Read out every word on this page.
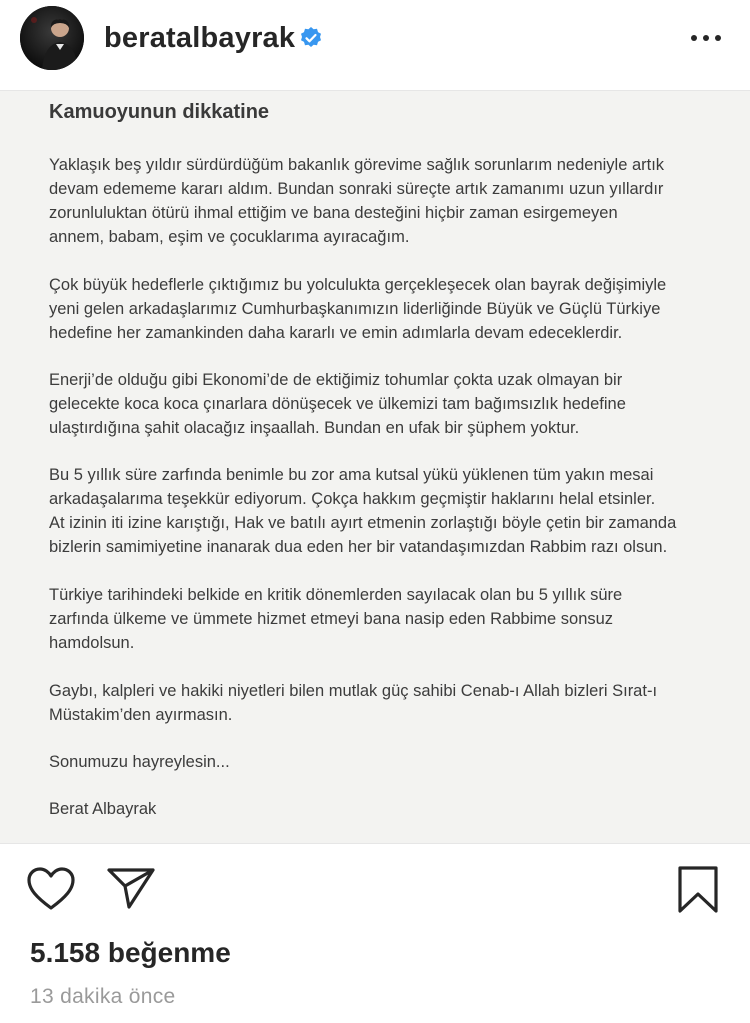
beratalbayrak
Kamuoyunun dikkatine

Yaklaşık beş yıldır sürdürdüğüm bakanlık görevime sağlık sorunlarım nedeniyle artık
devam edememe kararı aldım. Bundan sonraki süreçte artık zamanımı uzun yıllardır
zorunluluktan ötürü ihmal ettiğim ve bana desteğini hiçbir zaman esirgemeyen
annem, babam, eşim ve çocuklarıma ayıracağım.

Çok büyük hedeflerle çıktığımız bu yolculukta gerçekleşecek olan bayrak değişimiyle
yeni gelen arkadaşlarımız Cumhurbaşkanımızın liderliğinde Büyük ve Güçlü Türkiye
hedefine her zamankinden daha kararlı ve emin adımlarla devam edeceklerdir.

Enerji’de olduğu gibi Ekonomi’de de ektiğimiz tohumlar çokta uzak olmayan bir
gelecekte koca koca çınarlara dönüşecek ve ülkemizi tam bağımsızlık hedefine
ulaştırdığına şahit olacağız inşaallah. Bundan en ufak bir şüphem yoktur.

Bu 5 yıllık süre zarfında benimle bu zor ama kutsal yükü yüklenen tüm yakın mesai
arkadaşalarıma teşekkür ediyorum. Çokça hakkım geçmiştir haklarını helal etsinler.
At izinin iti izine karıştığı, Hak ve batılı ayırt etmenin zorlaştığı böyle çetin bir zamanda
bizlerin samimiyetine inanarak dua eden her bir vatandaşımızdan Rabbim razı olsun.

Türkiye tarihindeki belkide en kritik dönemlerden sayılacak olan bu 5 yıllık süre
zarfında ülkeme ve ümmete hizmet etmeyi bana nasip eden Rabbime sonsuz
hamdolsun.

Gaybı, kalpleri ve hakiki niyetleri bilen mutlak güç sahibi Cenab-ı Allah bizleri Sırat-ı
Müstakim’den ayırmasın.

Sonumuzu hayreylesin...

Berat Albayrak

5.158 beğenme
13 dakika önce
